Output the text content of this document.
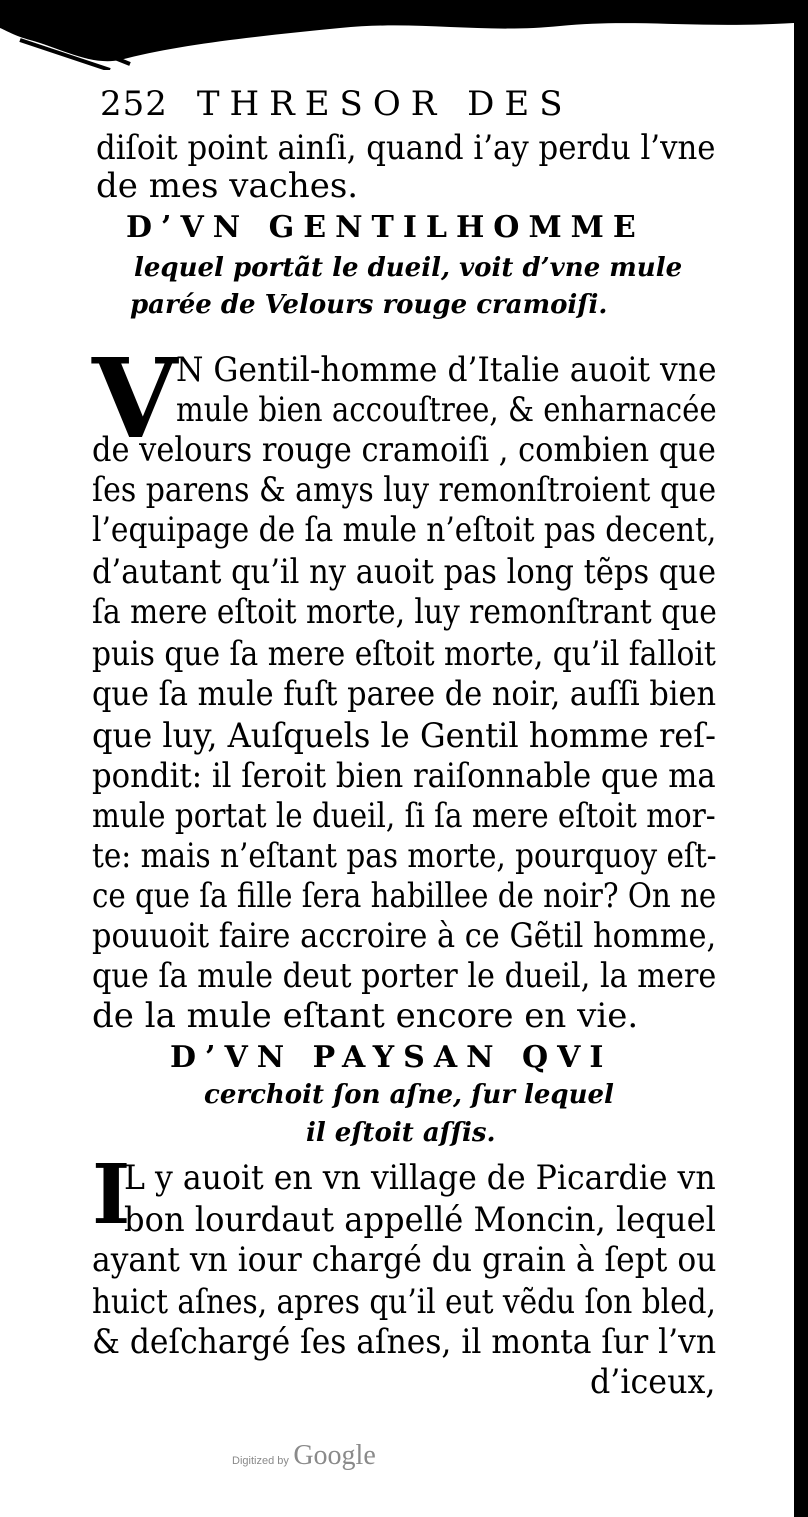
252 THRESOR DES
diſoit point ainſi, quand i’ay perdu l’vne
de mes vaches.
D’VN GENTILHOMME
lequel portãt le dueil, voit d’vne mule
parée de Velours rouge cramoiſi.
V
N Gentil-homme d’Italie auoit vne
mule bien accouſtree, & enharnacée
de velours rouge cramoiſi , combien que
ſes parens & amys luy remonſtroient que
l’equipage de ſa mule n’eſtoit pas decent,
d’autant qu’il ny auoit pas long tẽps que
ſa mere eſtoit morte, luy remonſtrant que
puis que ſa mere eſtoit morte, qu’il falloit
que ſa mule fuſt paree de noir, auſſi bien
que luy, Auſquels le Gentil homme reſ-
pondit: il ſeroit bien raiſonnable que ma
mule portat le dueil, ſi ſa mere eſtoit mor-
te: mais n’eſtant pas morte, pourquoy eſt-
ce que ſa fille ſera habillee de noir? On ne
pouuoit faire accroire à ce Gẽtil homme,
que ſa mule deut porter le dueil, la mere
de la mule eſtant encore en vie.
D’VN PAYSAN QVI
cerchoit ſon aſne, ſur lequel
il eſtoit aſſis.
I
L y auoit en vn village de Picardie vn
bon lourdaut appellé Moncin, lequel
ayant vn iour chargé du grain à ſept ou
huict aſnes, apres qu’il eut vẽdu ſon bled,
& deſchargé ſes aſnes, il monta ſur l’vn
d’iceux,
Digitized by Google
